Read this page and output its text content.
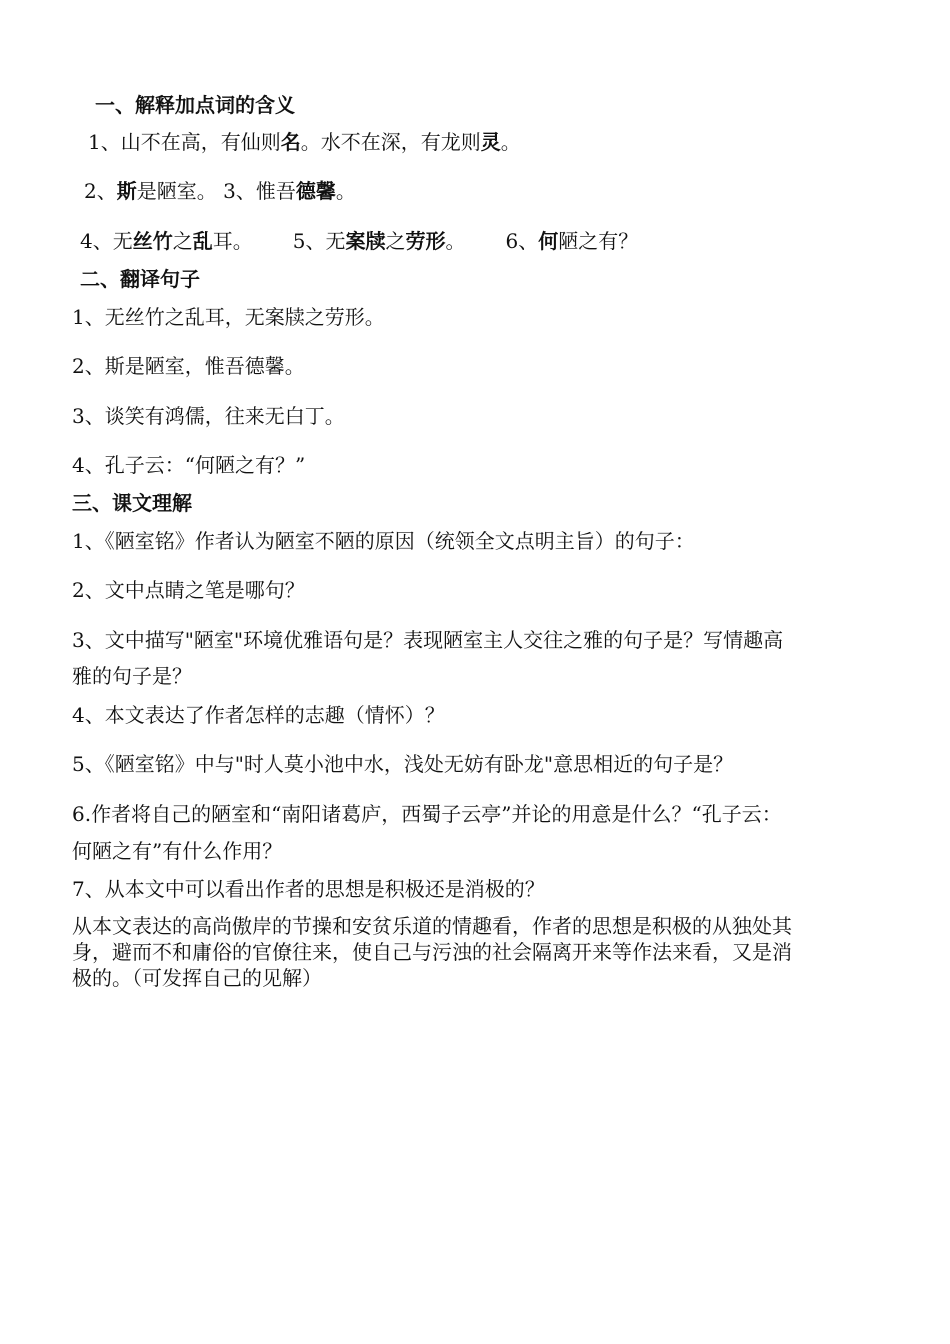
一、解释加点词的含义
1、山不在高，有仙则名。水不在深，有龙则灵。
2、斯是陋室。 3、惟吾德馨。
4、无丝竹之乱耳。 5、无案牍之劳形。 6、何陋之有？
二、翻译句子
1、无丝竹之乱耳，无案牍之劳形。
2、斯是陋室，惟吾德馨。
3、谈笑有鸿儒，往来无白丁。
4、孔子云：“何陋之有？”
三、课文理解
1、《陋室铭》作者认为陋室不陋的原因（统领全文点明主旨）的句子：
2、文中点睛之笔是哪句？
3、文中描写"陋室"环境优雅语句是？表现陋室主人交往之雅的句子是？写情趣高
雅的句子是？
4、本文表达了作者怎样的志趣（情怀）？
5、《陋室铭》中与"时人莫小池中水，浅处无妨有卧龙"意思相近的句子是？
6.作者将自己的陋室和“南阳诸葛庐，西蜀子云亭”并论的用意是什么？“孔子云：
何陋之有”有什么作用？
7、从本文中可以看出作者的思想是积极还是消极的？
从本文表达的高尚傲岸的节操和安贫乐道的情趣看，作者的思想是积极的从独处其
身，避而不和庸俗的官僚往来，使自己与污浊的社会隔离开来等作法来看，又是消
极的。（可发挥自己的见解）
